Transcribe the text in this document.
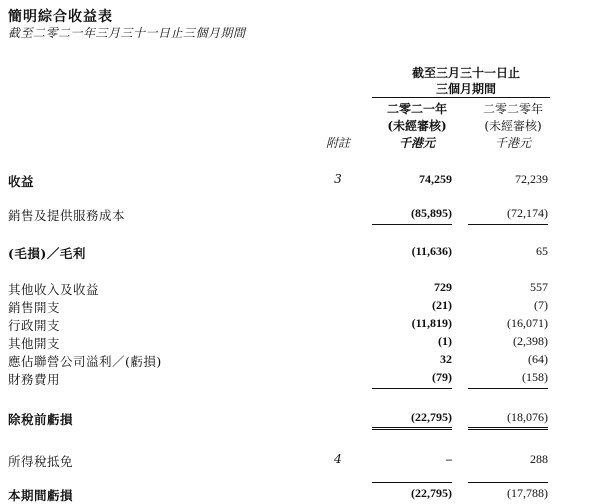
簡明綜合收益表
截至二零二一年三月三十一日止三個月期間
截至三月三十一日止
三個月期間
二零二一年
(未經審核)
千港元
二零二零年
(未經審核)
千港元
附註
收益	3	74,259	72,239
銷售及提供服務成本	(85,895)	(72,174)
(毛損)／毛利	(11,636)	65
其他收入及收益	729	557
銷售開支	(21)	(7)
行政開支	(11,819)	(16,071)
其他開支	(1)	(2,398)
應佔聯營公司溢利／(虧損)	32	(64)
財務費用	(79)	(158)
除稅前虧損	(22,795)	(18,076)
所得稅抵免	4	–	288
本期間虧損	(22,795)	(17,788)
